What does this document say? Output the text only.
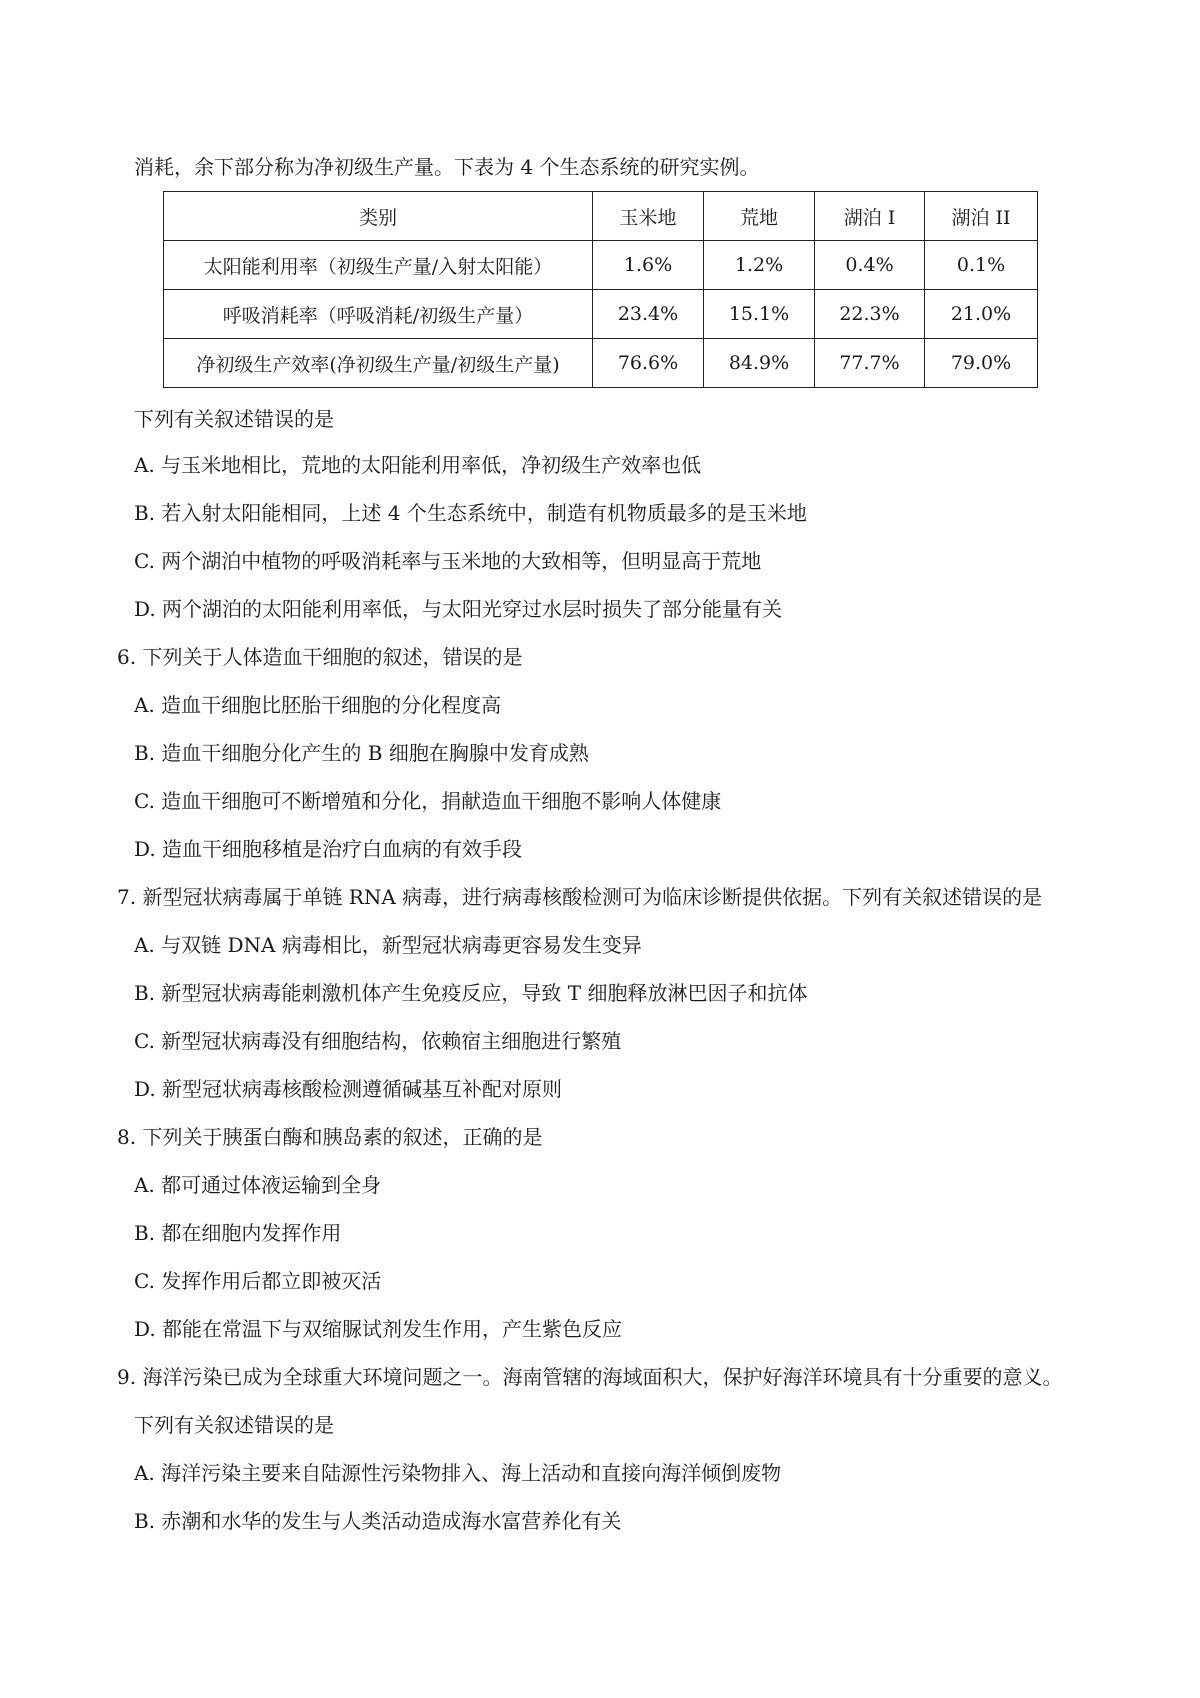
消耗，余下部分称为净初级生产量。下表为 4 个生态系统的研究实例。
类别	玉米地	荒地	湖泊 I	湖泊 II
太阳能利用率（初级生产量/入射太阳能）	1.6%	1.2%	0.4%	0.1%
呼吸消耗率（呼吸消耗/初级生产量）	23.4%	15.1%	22.3%	21.0%
净初级生产效率(净初级生产量/初级生产量)	76.6%	84.9%	77.7%	79.0%
下列有关叙述错误的是
A. 与玉米地相比，荒地的太阳能利用率低，净初级生产效率也低
B. 若入射太阳能相同，上述 4 个生态系统中，制造有机物质最多的是玉米地
C. 两个湖泊中植物的呼吸消耗率与玉米地的大致相等，但明显高于荒地
D. 两个湖泊的太阳能利用率低，与太阳光穿过水层时损失了部分能量有关
6. 下列关于人体造血干细胞的叙述，错误的是
A. 造血干细胞比胚胎干细胞的分化程度高
B. 造血干细胞分化产生的 B 细胞在胸腺中发育成熟
C. 造血干细胞可不断增殖和分化，捐献造血干细胞不影响人体健康
D. 造血干细胞移植是治疗白血病的有效手段
7. 新型冠状病毒属于单链 RNA 病毒，进行病毒核酸检测可为临床诊断提供依据。下列有关叙述错误的是
A. 与双链 DNA 病毒相比，新型冠状病毒更容易发生变异
B. 新型冠状病毒能刺激机体产生免疫反应，导致 T 细胞释放淋巴因子和抗体
C. 新型冠状病毒没有细胞结构，依赖宿主细胞进行繁殖
D. 新型冠状病毒核酸检测遵循碱基互补配对原则
8. 下列关于胰蛋白酶和胰岛素的叙述，正确的是
A. 都可通过体液运输到全身
B. 都在细胞内发挥作用
C. 发挥作用后都立即被灭活
D. 都能在常温下与双缩脲试剂发生作用，产生紫色反应
9. 海洋污染已成为全球重大环境问题之一。海南管辖的海域面积大，保护好海洋环境具有十分重要的意义。
下列有关叙述错误的是
A. 海洋污染主要来自陆源性污染物排入、海上活动和直接向海洋倾倒废物
B. 赤潮和水华的发生与人类活动造成海水富营养化有关
